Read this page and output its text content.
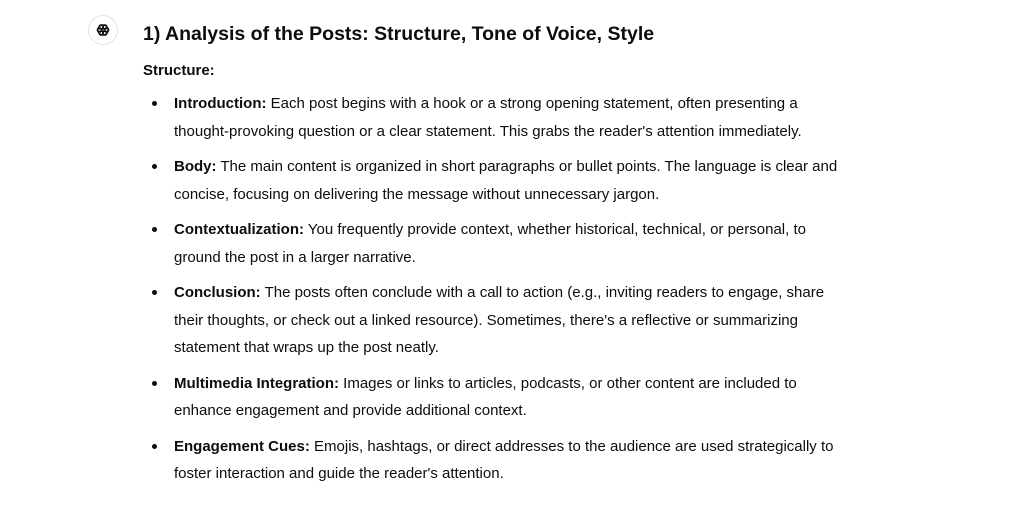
1) Analysis of the Posts: Structure, Tone of Voice, Style

Structure:

Introduction: Each post begins with a hook or a strong opening statement, often presenting a thought-provoking question or a clear statement. This grabs the reader's attention immediately.
Body: The main content is organized in short paragraphs or bullet points. The language is clear and concise, focusing on delivering the message without unnecessary jargon.
Contextualization: You frequently provide context, whether historical, technical, or personal, to ground the post in a larger narrative.
Conclusion: The posts often conclude with a call to action (e.g., inviting readers to engage, share their thoughts, or check out a linked resource). Sometimes, there's a reflective or summarizing statement that wraps up the post neatly.
Multimedia Integration: Images or links to articles, podcasts, or other content are included to enhance engagement and provide additional context.
Engagement Cues: Emojis, hashtags, or direct addresses to the audience are used strategically to foster interaction and guide the reader's attention.
